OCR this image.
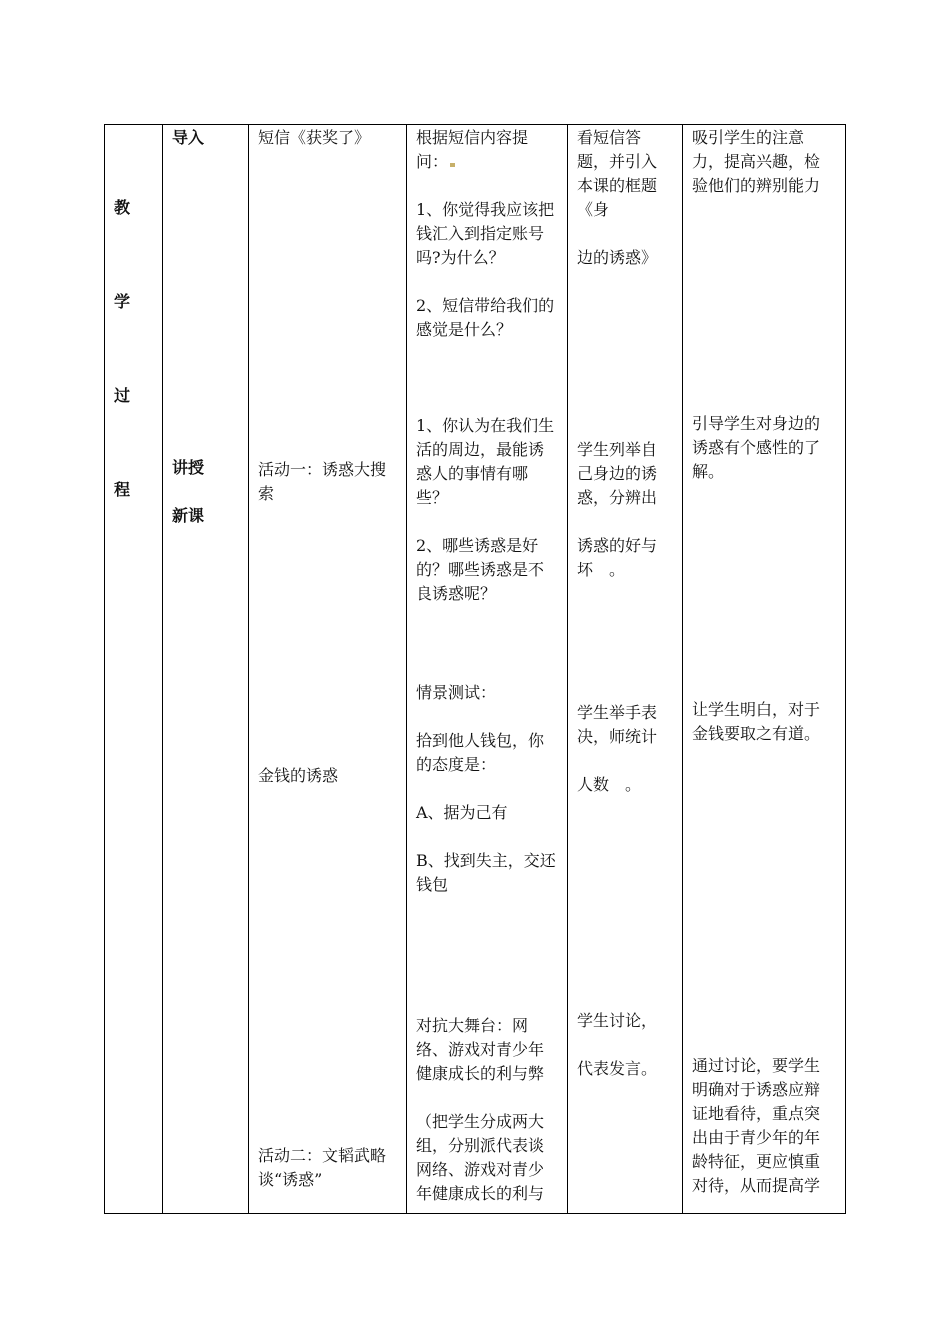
教
学
过
程
导入
讲授
新课
短信《获奖了》
活动一：诱惑大搜
索
金钱的诱惑
活动二：文韬武略
谈“诱惑”
根据短信内容提
问：

1、你觉得我应该把
钱汇入到指定账号
吗?为什么？

2、短信带给我们的
感觉是什么？
1、你认为在我们生
活的周边，最能诱
惑人的事情有哪
些？

2、哪些诱惑是好
的？哪些诱惑是不
良诱惑呢？
情景测试：

拾到他人钱包，你
的态度是：

A、据为己有

B、找到失主，交还
钱包
对抗大舞台：网
络、游戏对青少年
健康成长的利与弊

（把学生分成两大
组，分别派代表谈
网络、游戏对青少
年健康成长的利与
看短信答
题，并引入
本课的框题
《身

边的诱惑》
学生列举自
己身边的诱
惑，分辨出

诱惑的好与
坏　。
学生举手表
决，师统计

人数　。
学生讨论，

代表发言。
吸引学生的注意
力，提高兴趣，检
验他们的辨别能力
引导学生对身边的
诱惑有个感性的了
解。
让学生明白，对于
金钱要取之有道。
通过讨论，要学生
明确对于诱惑应辩
证地看待，重点突
出由于青少年的年
龄特征，更应慎重
对待，从而提高学
